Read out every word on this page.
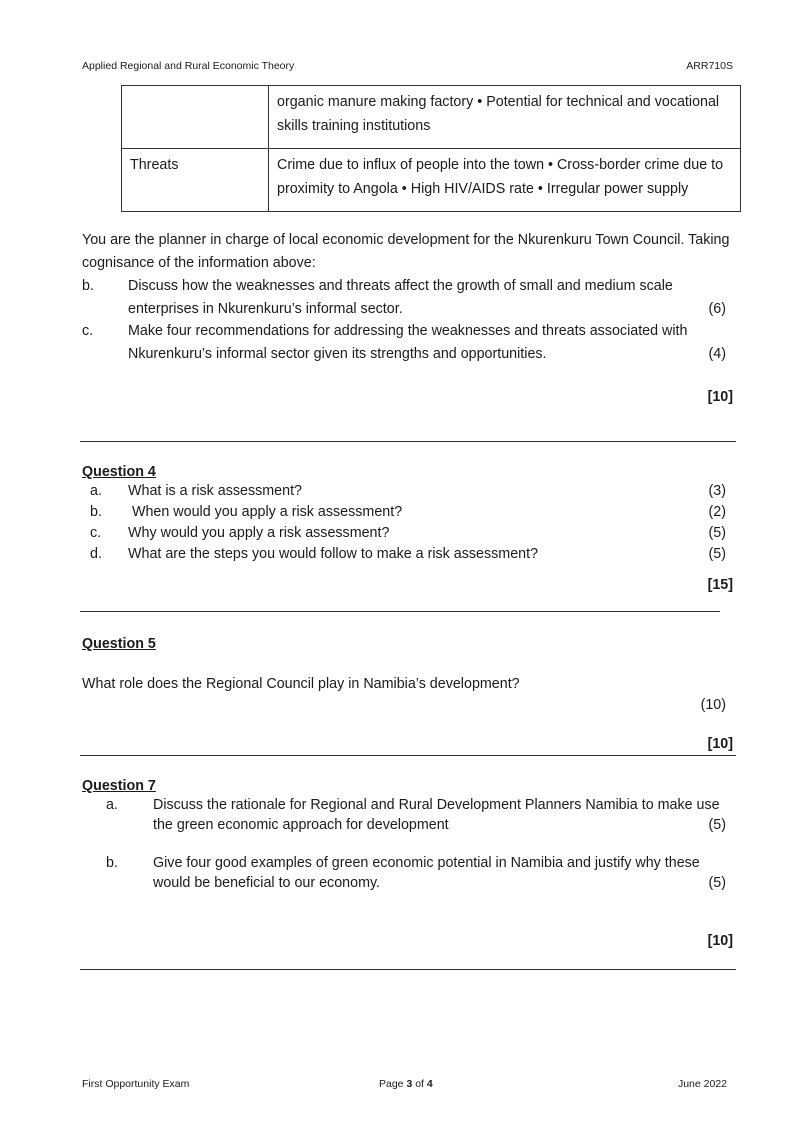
Applied Regional and Rural Economic Theory	ARR710S
	organic manure making factory • Potential for technical and vocational skills training institutions
Threats	Crime due to influx of people into the town • Cross-border crime due to proximity to Angola • High HIV/AIDS rate • Irregular power supply
You are the planner in charge of local economic development for the Nkurenkuru Town Council. Taking cognisance of the information above:
b. Discuss how the weaknesses and threats affect the growth of small and medium scale
enterprises in Nkurenkuru’s informal sector.	(6)
c. Make four recommendations for addressing the weaknesses and threats associated with
Nkurenkuru’s informal sector given its strengths and opportunities.	(4)
[10]
Question 4
a. What is a risk assessment?	(3)
b. When would you apply a risk assessment?	(2)
c. Why would you apply a risk assessment?	(5)
d. What are the steps you would follow to make a risk assessment?	(5)
[15]
Question 5
What role does the Regional Council play in Namibia’s development?
(10)
[10]
Question 7
a. Discuss the rationale for Regional and Rural Development Planners Namibia to make use
the green economic approach for development	(5)
b. Give four good examples of green economic potential in Namibia and justify why these
would be beneficial to our economy.	(5)
[10]
First Opportunity Exam	Page 3 of 4	June 2022
